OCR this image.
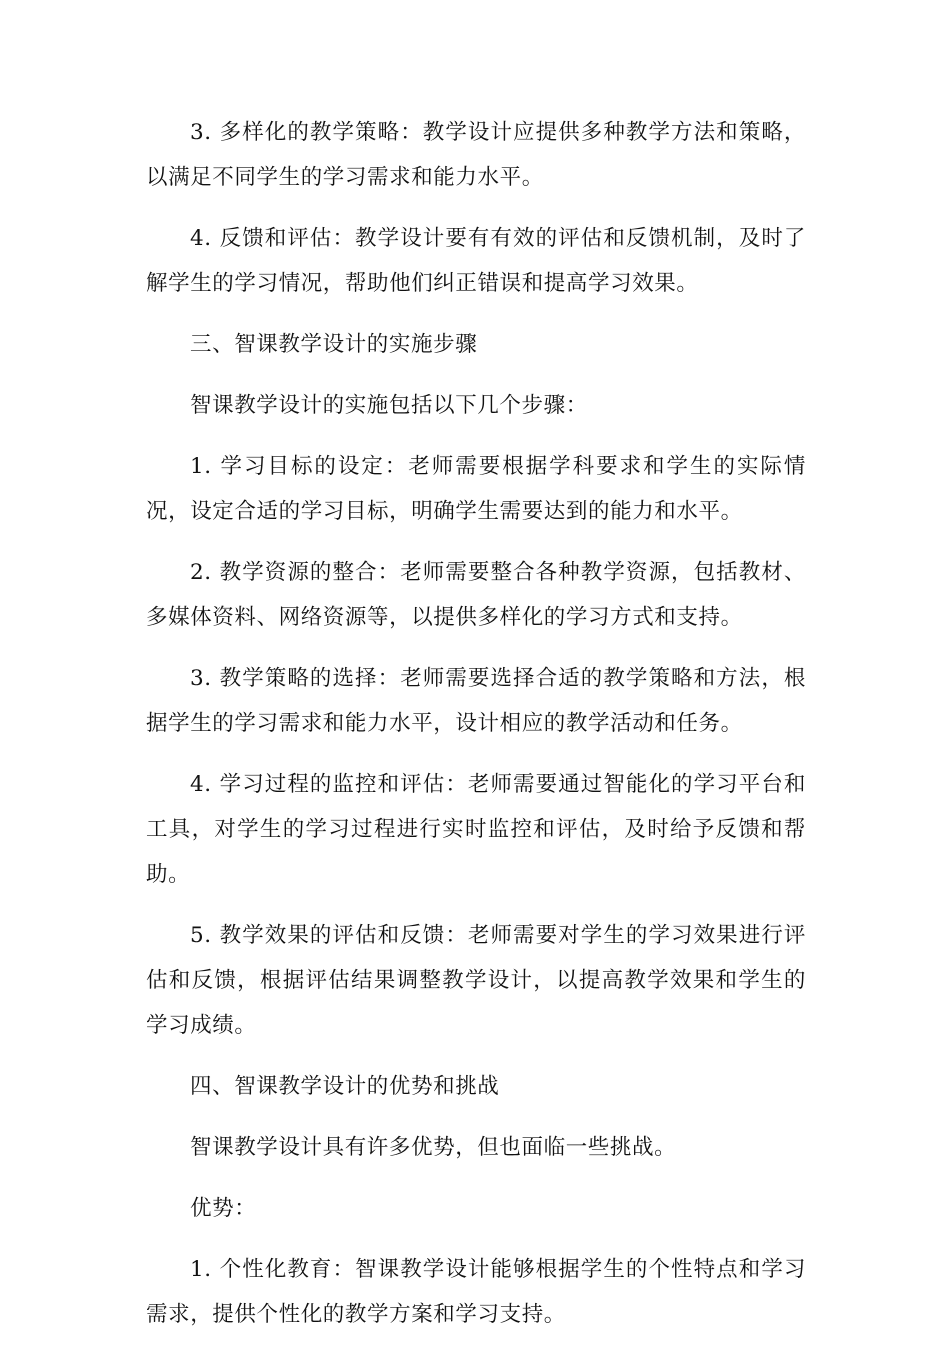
3. 多样化的教学策略：教学设计应提供多种教学方法和策略，以满足不同学生的学习需求和能力水平。

4. 反馈和评估：教学设计要有有效的评估和反馈机制，及时了解学生的学习情况，帮助他们纠正错误和提高学习效果。

三、智课教学设计的实施步骤

智课教学设计的实施包括以下几个步骤：

1. 学习目标的设定：老师需要根据学科要求和学生的实际情况，设定合适的学习目标，明确学生需要达到的能力和水平。

2. 教学资源的整合：老师需要整合各种教学资源，包括教材、多媒体资料、网络资源等，以提供多样化的学习方式和支持。

3. 教学策略的选择：老师需要选择合适的教学策略和方法，根据学生的学习需求和能力水平，设计相应的教学活动和任务。

4. 学习过程的监控和评估：老师需要通过智能化的学习平台和工具，对学生的学习过程进行实时监控和评估，及时给予反馈和帮助。

5. 教学效果的评估和反馈：老师需要对学生的学习效果进行评估和反馈，根据评估结果调整教学设计，以提高教学效果和学生的学习成绩。

四、智课教学设计的优势和挑战

智课教学设计具有许多优势，但也面临一些挑战。

优势：

1. 个性化教育：智课教学设计能够根据学生的个性特点和学习需求，提供个性化的教学方案和学习支持。
